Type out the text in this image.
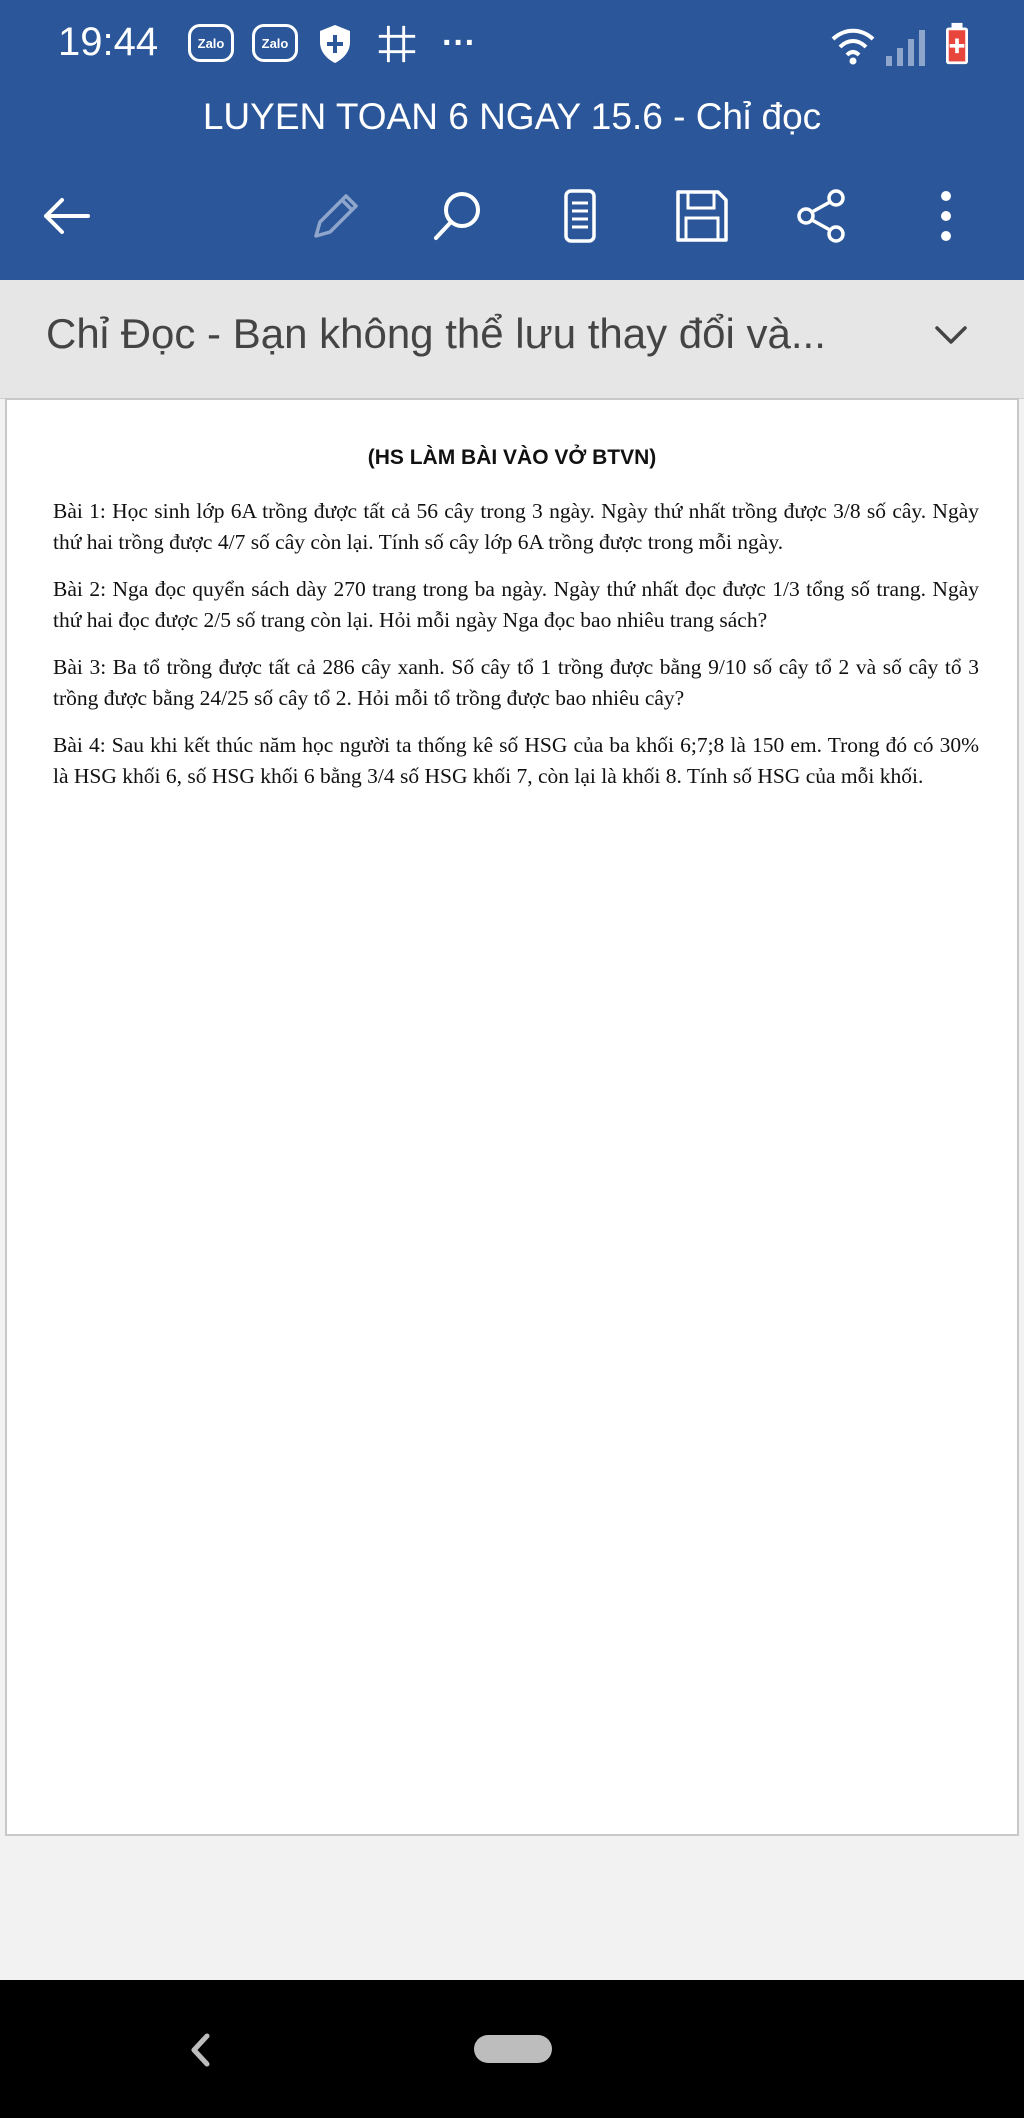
19:44	Zalo	Zalo	···
LUYEN TOAN 6 NGAY 15.6 - Chỉ đọc
Chỉ Đọc - Bạn không thể lưu thay đổi và...
(HS LÀM BÀI VÀO VỞ BTVN)
Bài 1: Học sinh lớp 6A trồng được tất cả 56 cây trong 3 ngày. Ngày thứ nhất trồng được 3/8 số cây. Ngày thứ hai trồng được 4/7 số cây còn lại. Tính số cây lớp 6A trồng được trong mỗi ngày.
Bài 2: Nga đọc quyển sách dày 270 trang trong ba ngày. Ngày thứ nhất đọc được 1/3 tổng số trang. Ngày thứ hai đọc được 2/5 số trang còn lại. Hỏi mỗi ngày Nga đọc bao nhiêu trang sách?
Bài 3: Ba tổ trồng được tất cả 286 cây xanh. Số cây tổ 1 trồng được bằng 9/10 số cây tổ 2 và số cây tổ 3 trồng được bằng 24/25 số cây tổ 2. Hỏi mỗi tổ trồng được bao nhiêu cây?
Bài 4: Sau khi kết thúc năm học người ta thống kê số HSG của ba khối 6;7;8 là 150 em. Trong đó có 30% là HSG khối 6, số HSG khối 6 bằng 3/4 số HSG khối 7, còn lại là khối 8. Tính số HSG của mỗi khối.
